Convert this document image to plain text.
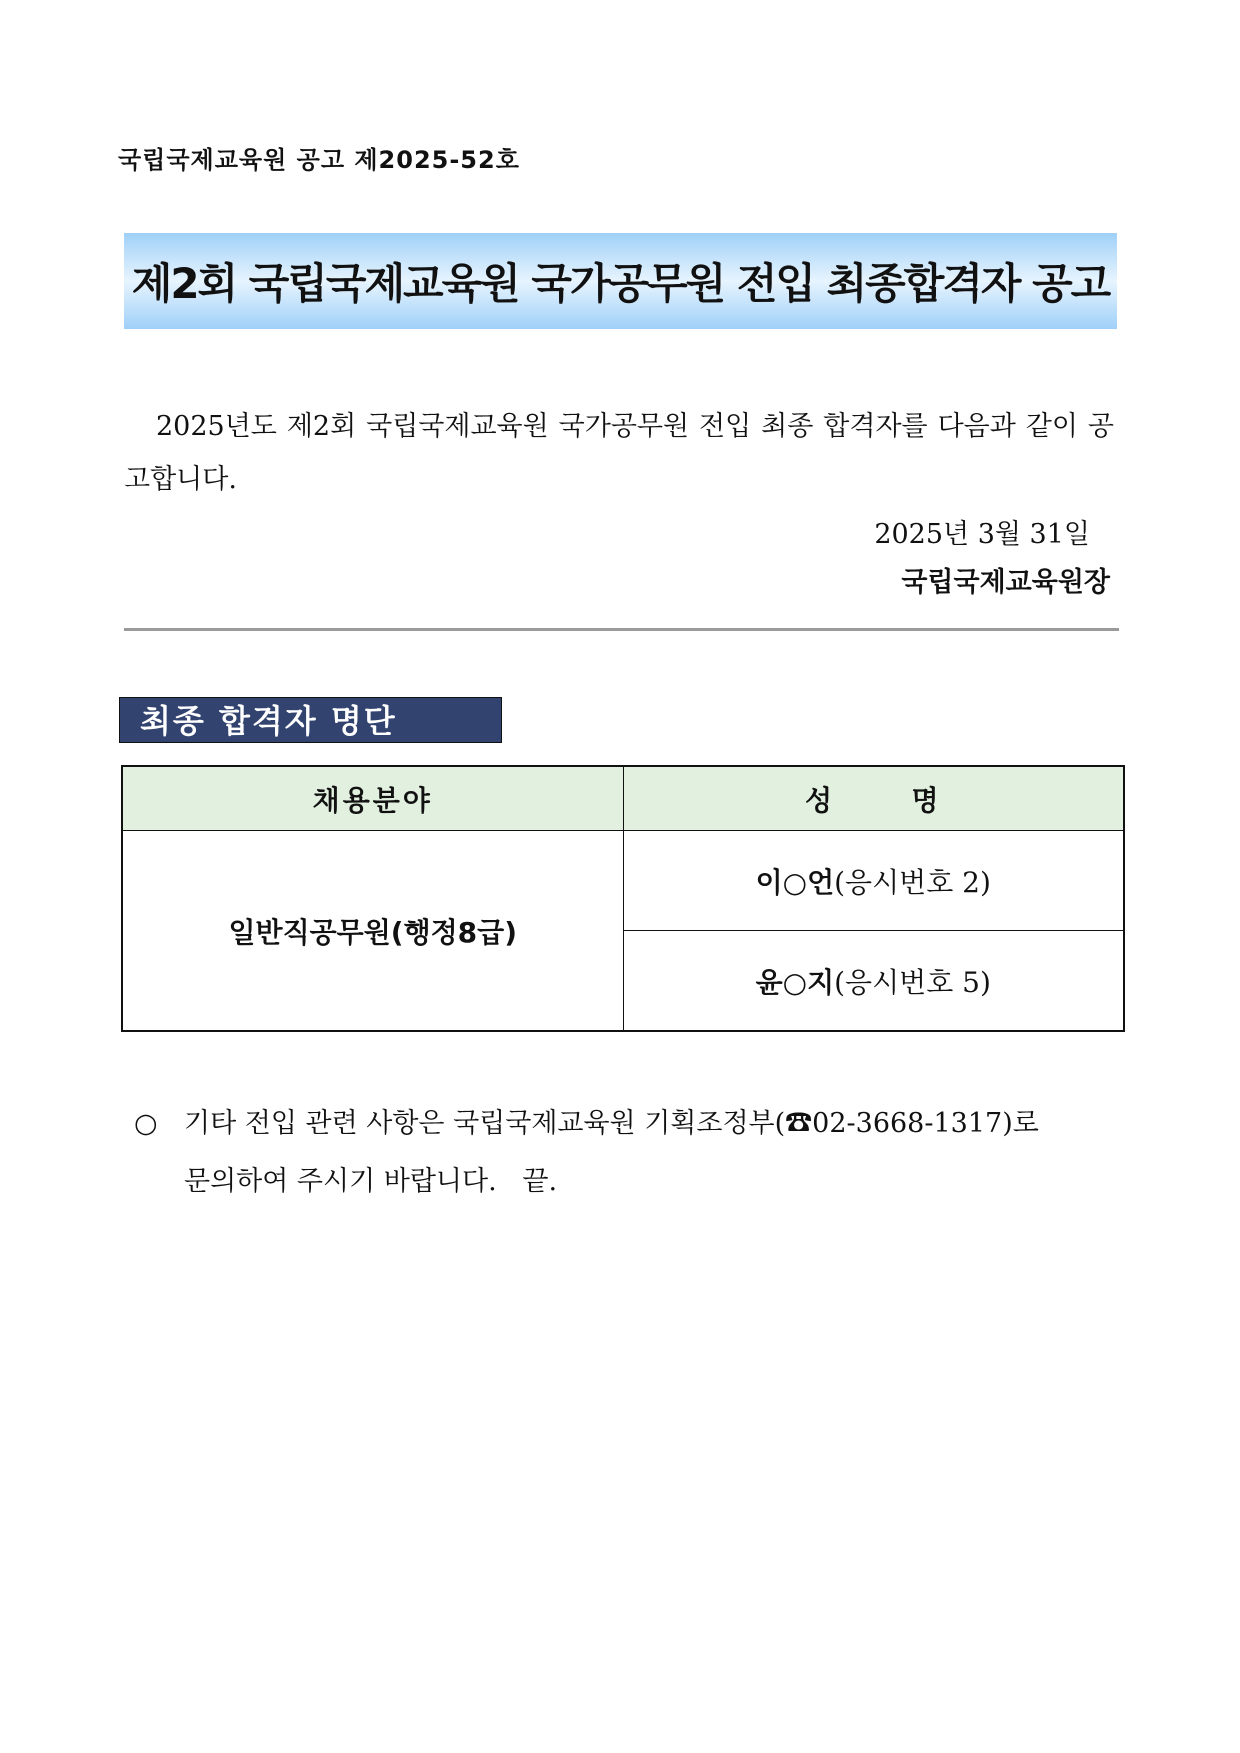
국립국제교육원 공고 제2025-52호
제2회 국립국제교육원 국가공무원 전입 최종합격자 공고
2025년도 제2회 국립국제교육원 국가공무원 전입 최종 합격자를 다음과 같이 공고합니다.
2025년 3월 31일
국립국제교육원장
최종 합격자 명단
채용분야	성      명
일반직공무원(행정8급)	이○언(응시번호 2)
	윤○지(응시번호 5)
○ 기타 전입 관련 사항은 국립국제교육원 기획조정부(☎02-3668-1317)로
문의하여 주시기 바랍니다.   끝.
